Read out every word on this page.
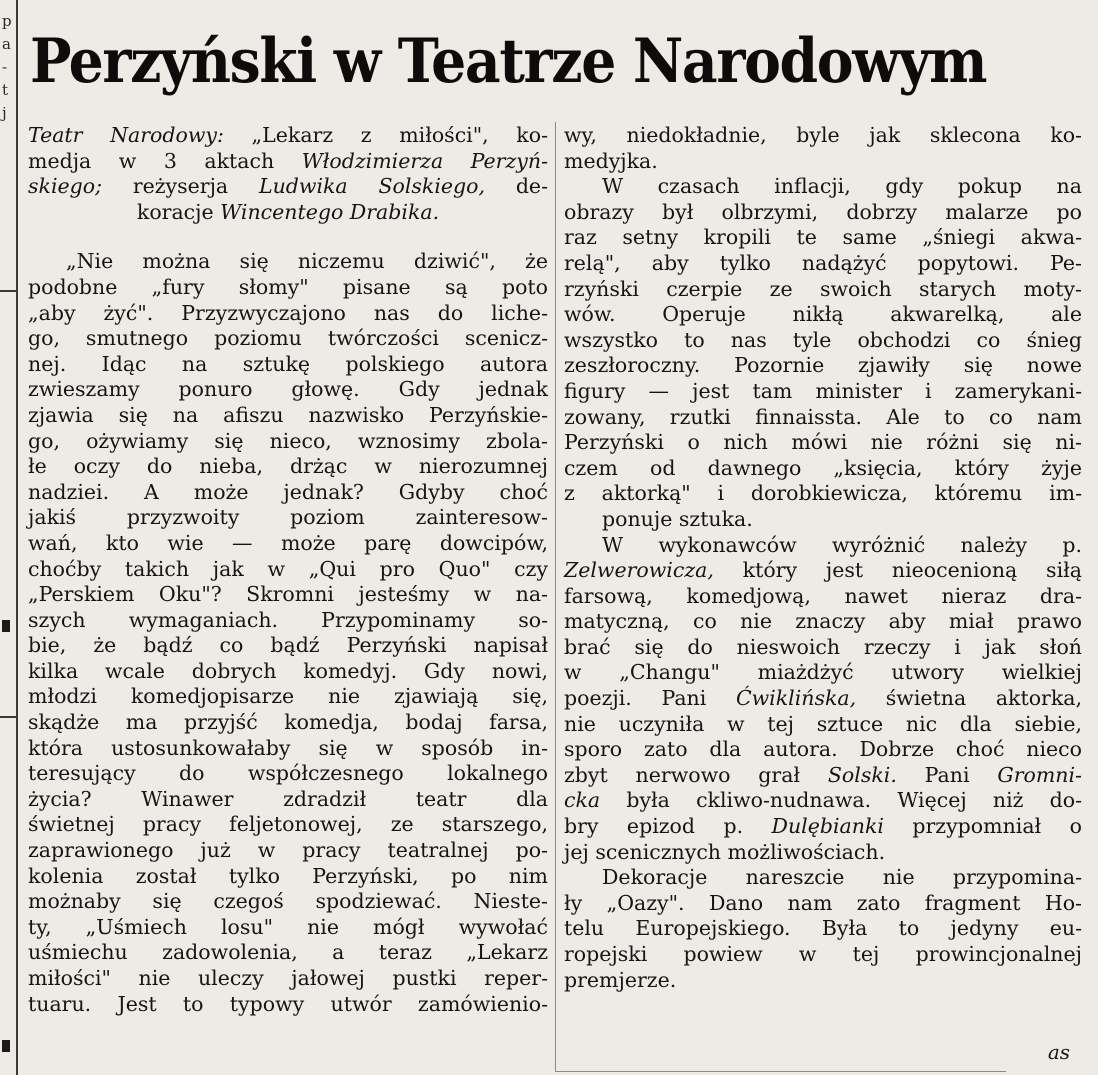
p
a
-
t
j
Perzyński w Teatrze Narodowym
Teatr Narodowy: „Lekarz z miłości", ko-
medja w 3 aktach Włodzimierza Perzyń-
skiego; reżyserja Ludwika Solskiego, de-
koracje Wincentego Drabika.
„Nie można się niczemu dziwić", że
podobne „fury słomy" pisane są poto
„aby żyć". Przyzwyczajono nas do liche-
go, smutnego poziomu twórczości scenicz-
nej. Idąc na sztukę polskiego autora
zwieszamy ponuro głowę. Gdy jednak
zjawia się na afiszu nazwisko Perzyńskie-
go, ożywiamy się nieco, wznosimy zbola-
łe oczy do nieba, drżąc w nierozumnej
nadziei. A może jednak? Gdyby choć
jakiś przyzwoity poziom zainteresow-
wań, kto wie — może parę dowcipów,
choćby takich jak w „Qui pro Quo" czy
„Perskiem Oku"? Skromni jesteśmy w na-
szych wymaganiach. Przypominamy so-
bie, że bądź co bądź Perzyński napisał
kilka wcale dobrych komedyj. Gdy nowi,
młodzi komedjopisarze nie zjawiają się,
skądże ma przyjść komedja, bodaj farsa,
która ustosunkowałaby się w sposób in-
teresujący do współczesnego lokalnego
życia? Winawer zdradził teatr dla
świetnej pracy feljetonowej, ze starszego,
zaprawionego już w pracy teatralnej po-
kolenia został tylko Perzyński, po nim
możnaby się czegoś spodziewać. Nieste-
ty, „Uśmiech losu" nie mógł wywołać
uśmiechu zadowolenia, a teraz „Lekarz
miłości" nie uleczy jałowej pustki reper-
tuaru. Jest to typowy utwór zamówienio-
wy, niedokładnie, byle jak sklecona ko-
medyjka.
W czasach inflacji, gdy pokup na
obrazy był olbrzymi, dobrzy malarze po
raz setny kropili te same „śniegi akwa-
relą", aby tylko nadążyć popytowi. Pe-
rzyński czerpie ze swoich starych moty-
wów. Operuje nikłą akwarelką, ale
wszystko to nas tyle obchodzi co śnieg
zeszłoroczny. Pozornie zjawiły się nowe
figury — jest tam minister i zamerykani-
zowany, rzutki finnaissta. Ale to co nam
Perzyński o nich mówi nie różni się ni-
czem od dawnego „księcia, który żyje
z aktorką" i dorobkiewicza, któremu im-
ponuje sztuka.
W wykonawców wyróżnić należy p.
Zelwerowicza, który jest nieocenioną siłą
farsową, komedjową, nawet nieraz dra-
matyczną, co nie znaczy aby miał prawo
brać się do nieswoich rzeczy i jak słoń
w „Changu" miażdżyć utwory wielkiej
poezji. Pani Ćwiklińska, świetna aktorka,
nie uczyniła w tej sztuce nic dla siebie,
sporo zato dla autora. Dobrze choć nieco
zbyt nerwowo grał Solski. Pani Gromni-
cka była ckliwo-nudnawa. Więcej niż do-
bry epizod p. Dulębianki przypomniał o
jej scenicznych możliwościach.
Dekoracje nareszcie nie przypomina-
ły „Oazy". Dano nam zato fragment Ho-
telu Europejskiego. Była to jedyny eu-
ropejski powiew w tej prowincjonalnej
premjerze.
as
